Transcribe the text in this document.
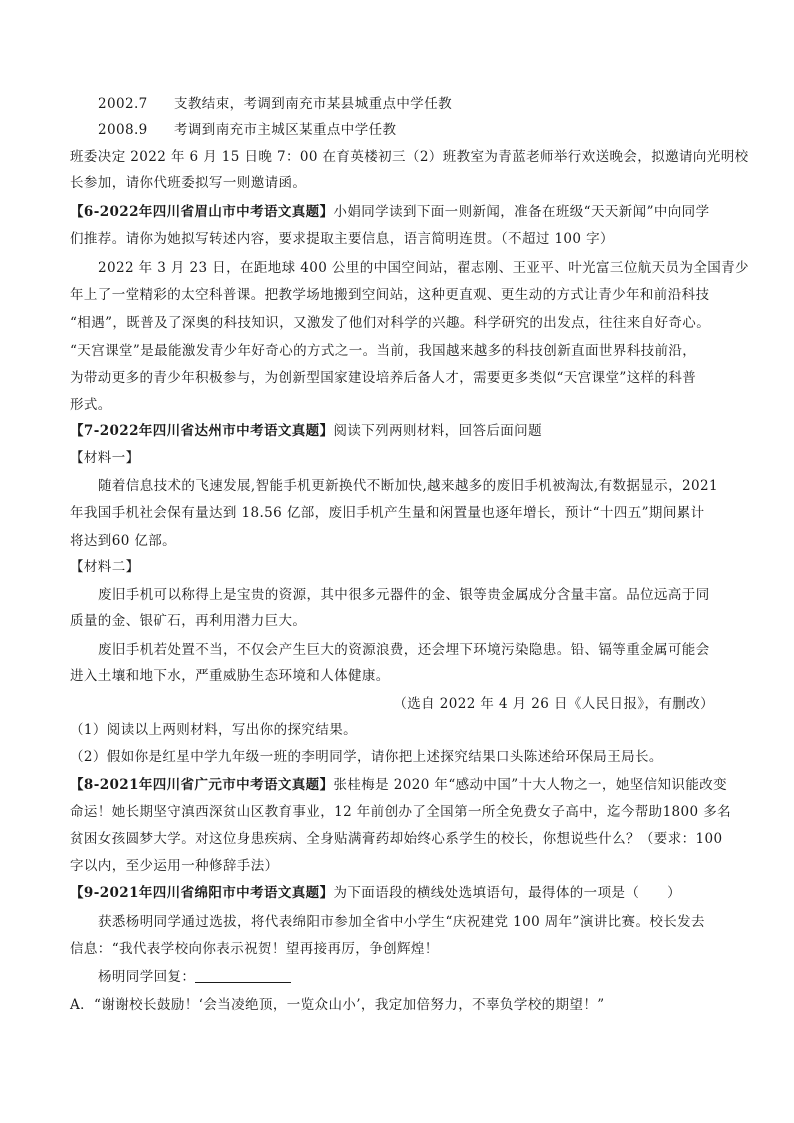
2002.7 支教结束，考调到南充市某县城重点中学任教
2008.9 考调到南充市主城区某重点中学任教
班委决定 2022 年 6 月 15 日晚 7：00 在育英楼初三（2）班教室为青蓝老师举行欢送晚会，拟邀请向光明校
长参加，请你代班委拟写一则邀请函。
【6-2022年四川省眉山市中考语文真题】小娟同学读到下面一则新闻，准备在班级“天天新闻”中向同学
们推荐。请你为她拟写转述内容，要求提取主要信息，语言简明连贯。（不超过 100 字）
2022 年 3 月 23 日，在距地球 400 公里的中国空间站，翟志刚、王亚平、叶光富三位航天员为全国青少
年上了一堂精彩的太空科普课。把教学场地搬到空间站，这种更直观、更生动的方式让青少年和前沿科技
“相遇”，既普及了深奥的科技知识，又激发了他们对科学的兴趣。科学研究的出发点，往往来自好奇心。
“天宫课堂”是最能激发青少年好奇心的方式之一。当前，我国越来越多的科技创新直面世界科技前沿，
为带动更多的青少年积极参与，为创新型国家建设培养后备人才，需要更多类似“天宫课堂”这样的科普
形式。
【7-2022年四川省达州市中考语文真题】阅读下列两则材料，回答后面问题
【材料一】
随着信息技术的飞速发展,智能手机更新换代不断加快,越来越多的废旧手机被淘汰,有数据显示，2021
年我国手机社会保有量达到 18.56 亿部，废旧手机产生量和闲置量也逐年增长，预计“十四五”期间累计
将达到60 亿部。
【材料二】
废旧手机可以称得上是宝贵的资源，其中很多元器件的金、银等贵金属成分含量丰富。品位远高于同
质量的金、银矿石，再利用潜力巨大。
废旧手机若处置不当，不仅会产生巨大的资源浪费，还会埋下环境污染隐患。铅、镉等重金属可能会
进入土壤和地下水，严重威胁生态环境和人体健康。
（选自 2022 年 4 月 26 日《人民日报》，有删改）
（1）阅读以上两则材料，写出你的探究结果。
（2）假如你是红星中学九年级一班的李明同学，请你把上述探究结果口头陈述给环保局王局长。
【8-2021年四川省广元市中考语文真题】张桂梅是 2020 年“感动中国”十大人物之一，她坚信知识能改变
命运！她长期坚守滇西深贫山区教育事业，12 年前创办了全国第一所全免费女子高中，迄今帮助1800 多名
贫困女孩圆梦大学。对这位身患疾病、全身贴满膏药却始终心系学生的校长，你想说些什么？（要求：100
字以内，至少运用一种修辞手法）
【9-2021年四川省绵阳市中考语文真题】为下面语段的横线处选填语句，最得体的一项是（　　）
获悉杨明同学通过选拔，将代表绵阳市参加全省中小学生“庆祝建党 100 周年”演讲比赛。校长发去
信息：“我代表学校向你表示祝贺！望再接再厉，争创辉煌！
杨明同学回复：
A．“谢谢校长鼓励！‘会当凌绝顶，一览众山小’，我定加倍努力，不辜负学校的期望！”
